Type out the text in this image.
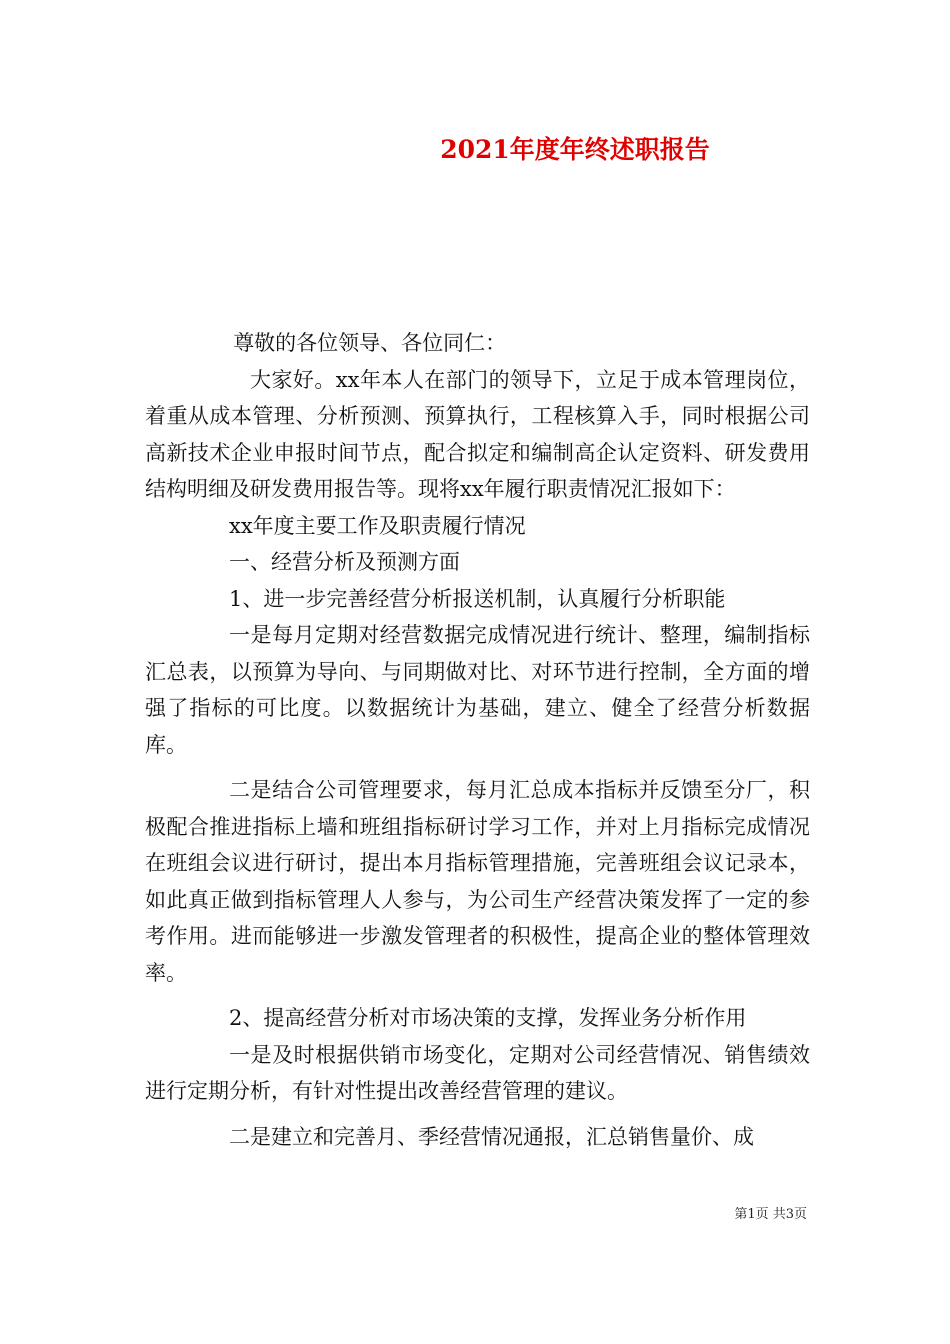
2021年度年终述职报告

尊敬的各位领导、各位同仁：

大家好。xx年本人在部门的领导下，立足于成本管理岗位，着重从成本管理、分析预测、预算执行，工程核算入手，同时根据公司高新技术企业申报时间节点，配合拟定和编制高企认定资料、研发费用结构明细及研发费用报告等。现将xx年履行职责情况汇报如下：

xx年度主要工作及职责履行情况

一、经营分析及预测方面

1、进一步完善经营分析报送机制，认真履行分析职能

一是每月定期对经营数据完成情况进行统计、整理，编制指标汇总表，以预算为导向、与同期做对比、对环节进行控制，全方面的增强了指标的可比度。以数据统计为基础，建立、健全了经营分析数据库。

二是结合公司管理要求，每月汇总成本指标并反馈至分厂，积极配合推进指标上墙和班组指标研讨学习工作，并对上月指标完成情况在班组会议进行研讨，提出本月指标管理措施，完善班组会议记录本，如此真正做到指标管理人人参与，为公司生产经营决策发挥了一定的参考作用。进而能够进一步激发管理者的积极性，提高企业的整体管理效率。

2、提高经营分析对市场决策的支撑，发挥业务分析作用

一是及时根据供销市场变化，定期对公司经营情况、销售绩效进行定期分析，有针对性提出改善经营管理的建议。

二是建立和完善月、季经营情况通报，汇总销售量价、成

第1页 共3页
